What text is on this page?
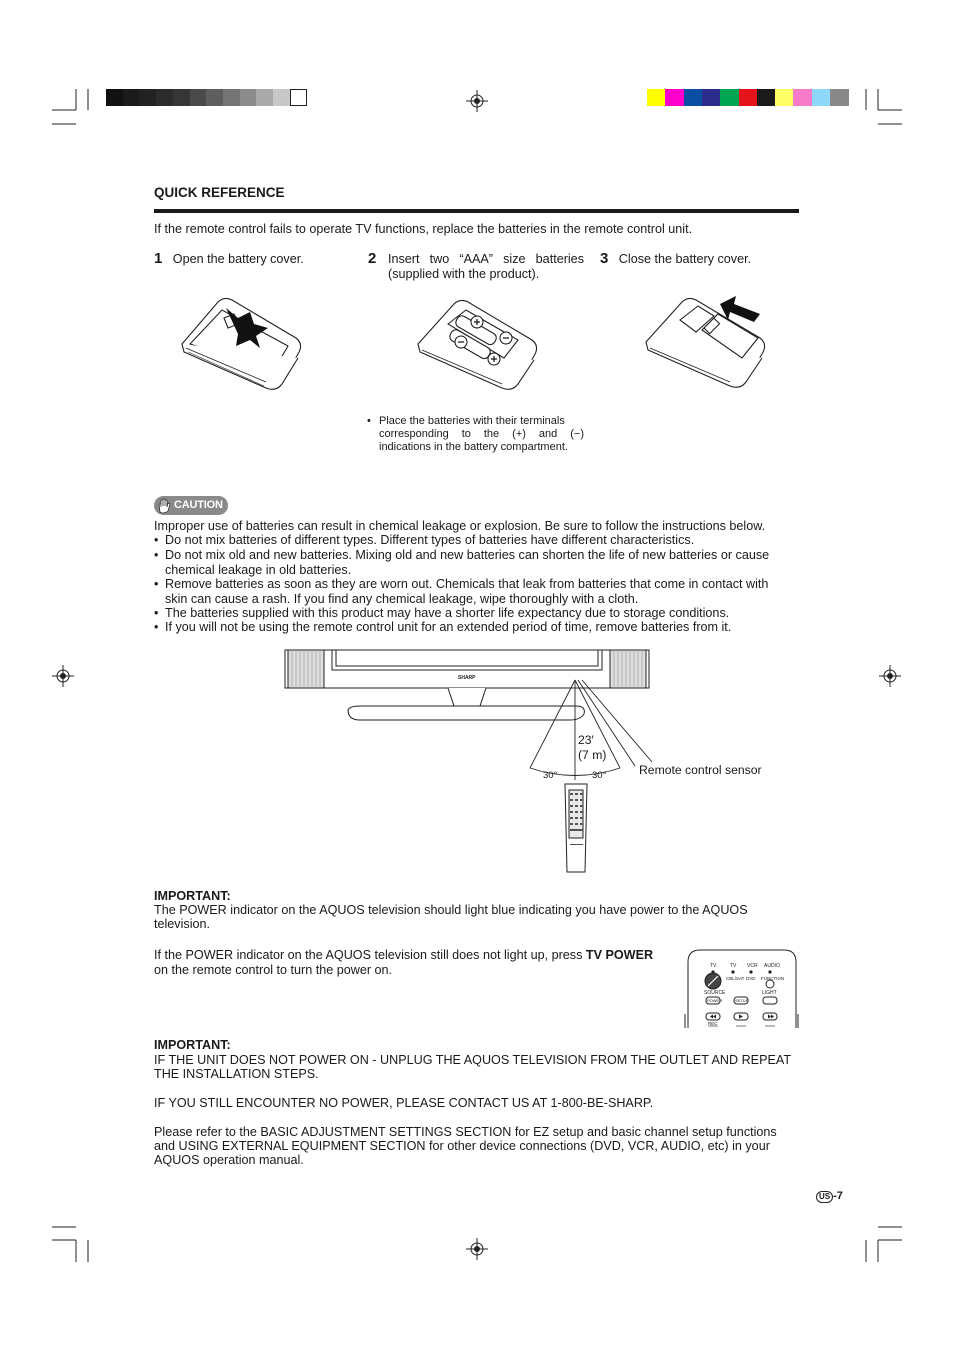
QUICK REFERENCE
If the remote control fails to operate TV functions, replace the batteries in the remote control unit.
1 Open the battery cover.	2 Insert two “AAA” size batteries
(supplied with the product).
3 Close the battery cover.
• Place the batteries with their terminals
corresponding to the (+) and (−)
indications in the battery compartment.
CAUTION
Improper use of batteries can result in chemical leakage or explosion. Be sure to follow the instructions below.
• Do not mix batteries of different types. Different types of batteries have different characteristics.
• Do not mix old and new batteries. Mixing old and new batteries can shorten the life of new batteries or cause
chemical leakage in old batteries.
• Remove batteries as soon as they are worn out. Chemicals that leak from batteries that come in contact with
skin can cause a rash. If you find any chemical leakage, wipe thoroughly with a cloth.
• The batteries supplied with this product may have a shorter life expectancy due to storage conditions.
• If you will not be using the remote control unit for an extended period of time, remove batteries from it.
SHARP
23′
(7 m)
30°	30°	Remote control sensor
IMPORTANT:
The POWER indicator on the AQUOS television should light blue indicating you have power to the AQUOS
television.
If the POWER indicator on the AQUOS television still does not light up, press TV POWER
on the remote control to turn the power on.	TV	TV VCR AUDIO
CBL/SAT DVD FUNCTION
SOURCE	LIGHT
POWER	SETUP
REC
IMPORTANT:
IF THE UNIT DOES NOT POWER ON - UNPLUG THE AQUOS TELEVISION FROM THE OUTLET AND REPEAT
THE INSTALLATION STEPS.
IF YOU STILL ENCOUNTER NO POWER, PLEASE CONTACT US AT 1-800-BE-SHARP.
Please refer to the BASIC ADJUSTMENT SETTINGS SECTION for EZ setup and basic channel setup functions
and USING EXTERNAL EQUIPMENT SECTION for other device connections (DVD, VCR, AUDIO, etc) in your
AQUOS operation manual.
US -7
